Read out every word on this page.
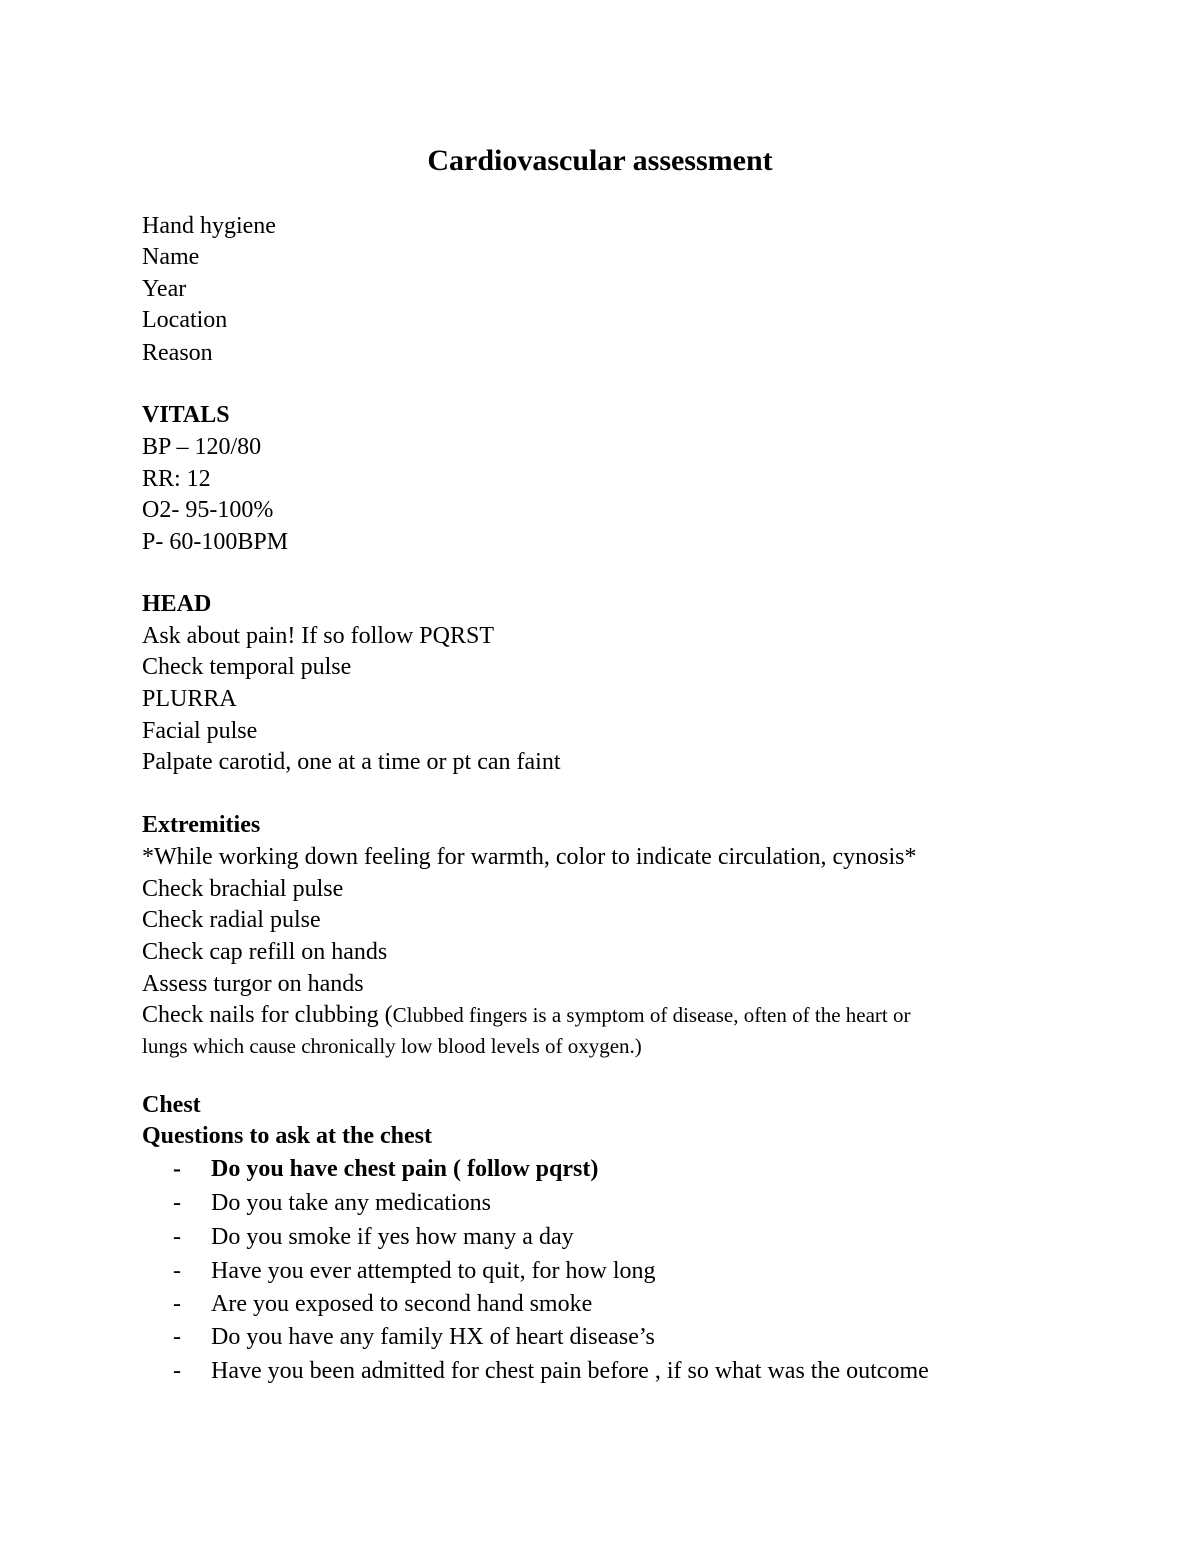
Cardiovascular assessment

Hand hygiene

Name

Year

Location

Reason

VITALS

BP – 120/80

RR: 12

O2- 95-100%

P- 60-100BPM

HEAD

Ask about pain! If so follow PQRST

Check temporal pulse

PLURRA

Facial pulse

Palpate carotid, one at a time or pt can faint

Extremities

*While working down feeling for warmth, color to indicate circulation, cynosis*

Check brachial pulse

Check radial pulse

Check cap refill on hands

Assess turgor on hands

Check nails for clubbing (Clubbed fingers is a symptom of disease, often of the heart or

lungs which cause chronically low blood levels of oxygen.)

Chest

Questions to ask at the chest

-	Do you have chest pain ( follow pqrst)
-	Do you take any medications
-	Do you smoke if yes how many a day
-	Have you ever attempted to quit, for how long
-	Are you exposed to second hand smoke
-	Do you have any family HX of heart disease’s
-	Have you been admitted for chest pain before , if so what was the outcome
